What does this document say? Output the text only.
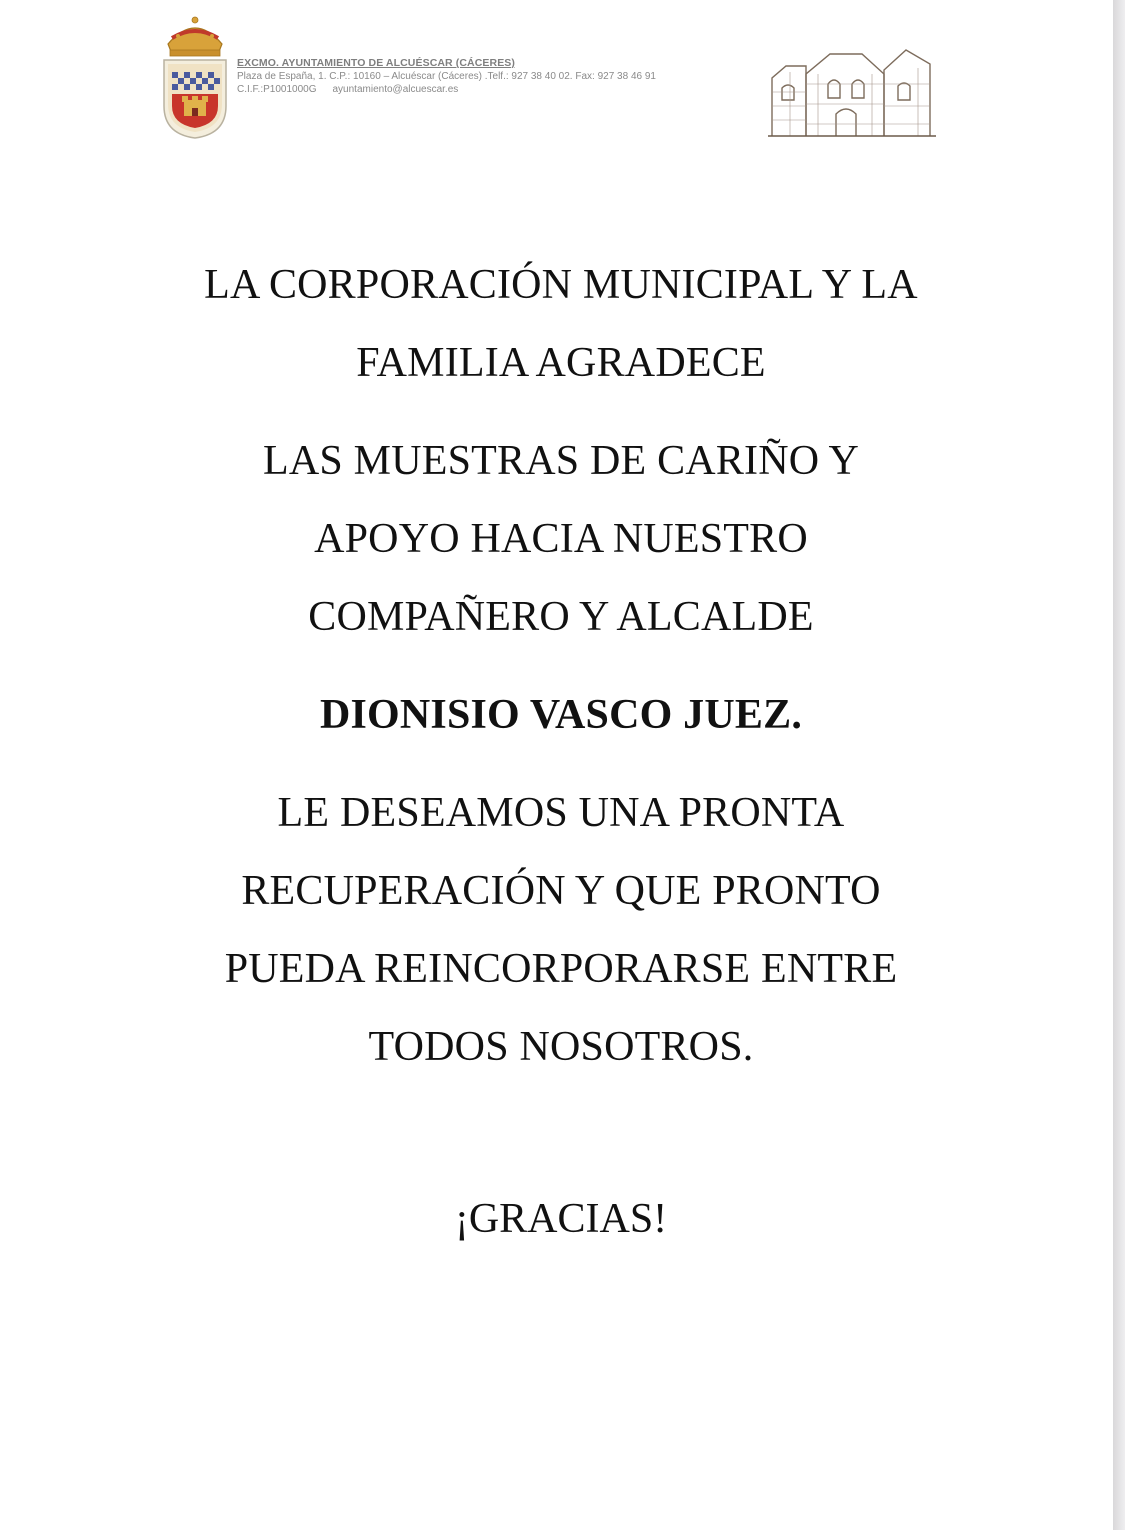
EXCMO. AYUNTAMIENTO DE ALCUÉSCAR (CÁCERES)
Plaza de España, 1. C.P.: 10160 – Alcuéscar (Cáceres) .Telf.: 927 38 40 02. Fax: 927 38 46 91
C.I.F.:P1001000G ayuntamiento@alcuescar.es

LA CORPORACIÓN MUNICIPAL Y LA

FAMILIA AGRADECE

LAS MUESTRAS DE CARIÑO Y

APOYO HACIA NUESTRO

COMPAÑERO Y ALCALDE

DIONISIO VASCO JUEZ.

LE DESEAMOS UNA PRONTA

RECUPERACIÓN Y QUE PRONTO

PUEDA REINCORPORARSE ENTRE

TODOS NOSOTROS.

¡GRACIAS!
